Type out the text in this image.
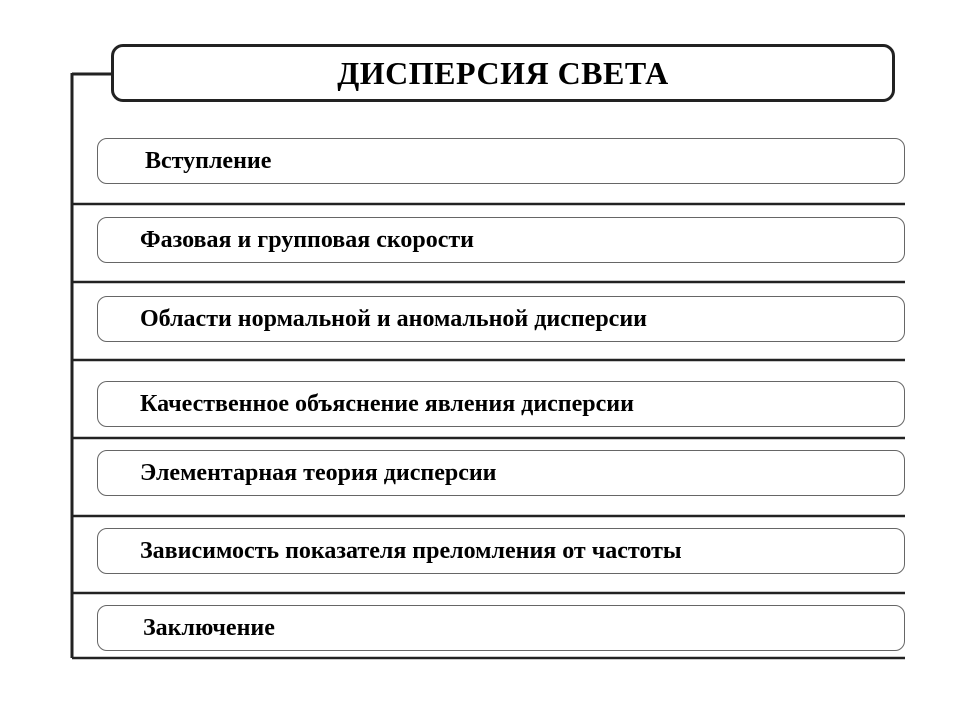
ДИСПЕРСИЯ СВЕТА
Вступление
Фазовая и групповая скорости
Области нормальной и аномальной дисперсии
Качественное объяснение явления дисперсии
Элементарная теория дисперсии
Зависимость показателя преломления от частоты
Заключение
